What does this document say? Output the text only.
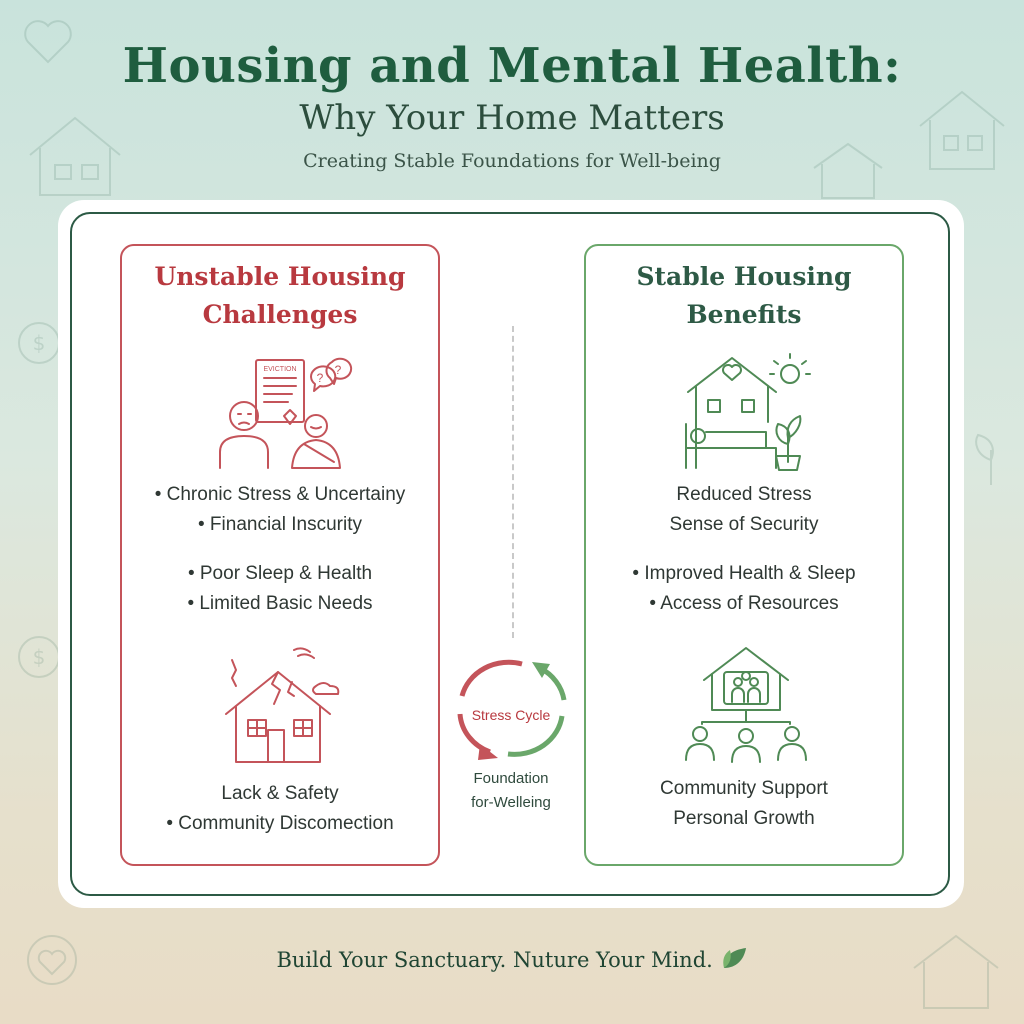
$
$
Housing and Mental Health:
Why Your Home Matters
Creating Stable Foundations for Well-being
Unstable Housing
Challenges
EVICTION
?
?
• Chronic Stress & Uncertainy
• Financial Inscurity
• Poor Sleep & Health
• Limited Basic Needs
Lack & Safety
• Community Discomection
Stress Cycle
Foundation
for-Welleing
Stable Housing
Benefits
Reduced Stress
Sense of Security
• Improved Health & Sleep
• Access of Resources
Community Support
Personal Growth
Build Your Sanctuary. Nuture Your Mind.
